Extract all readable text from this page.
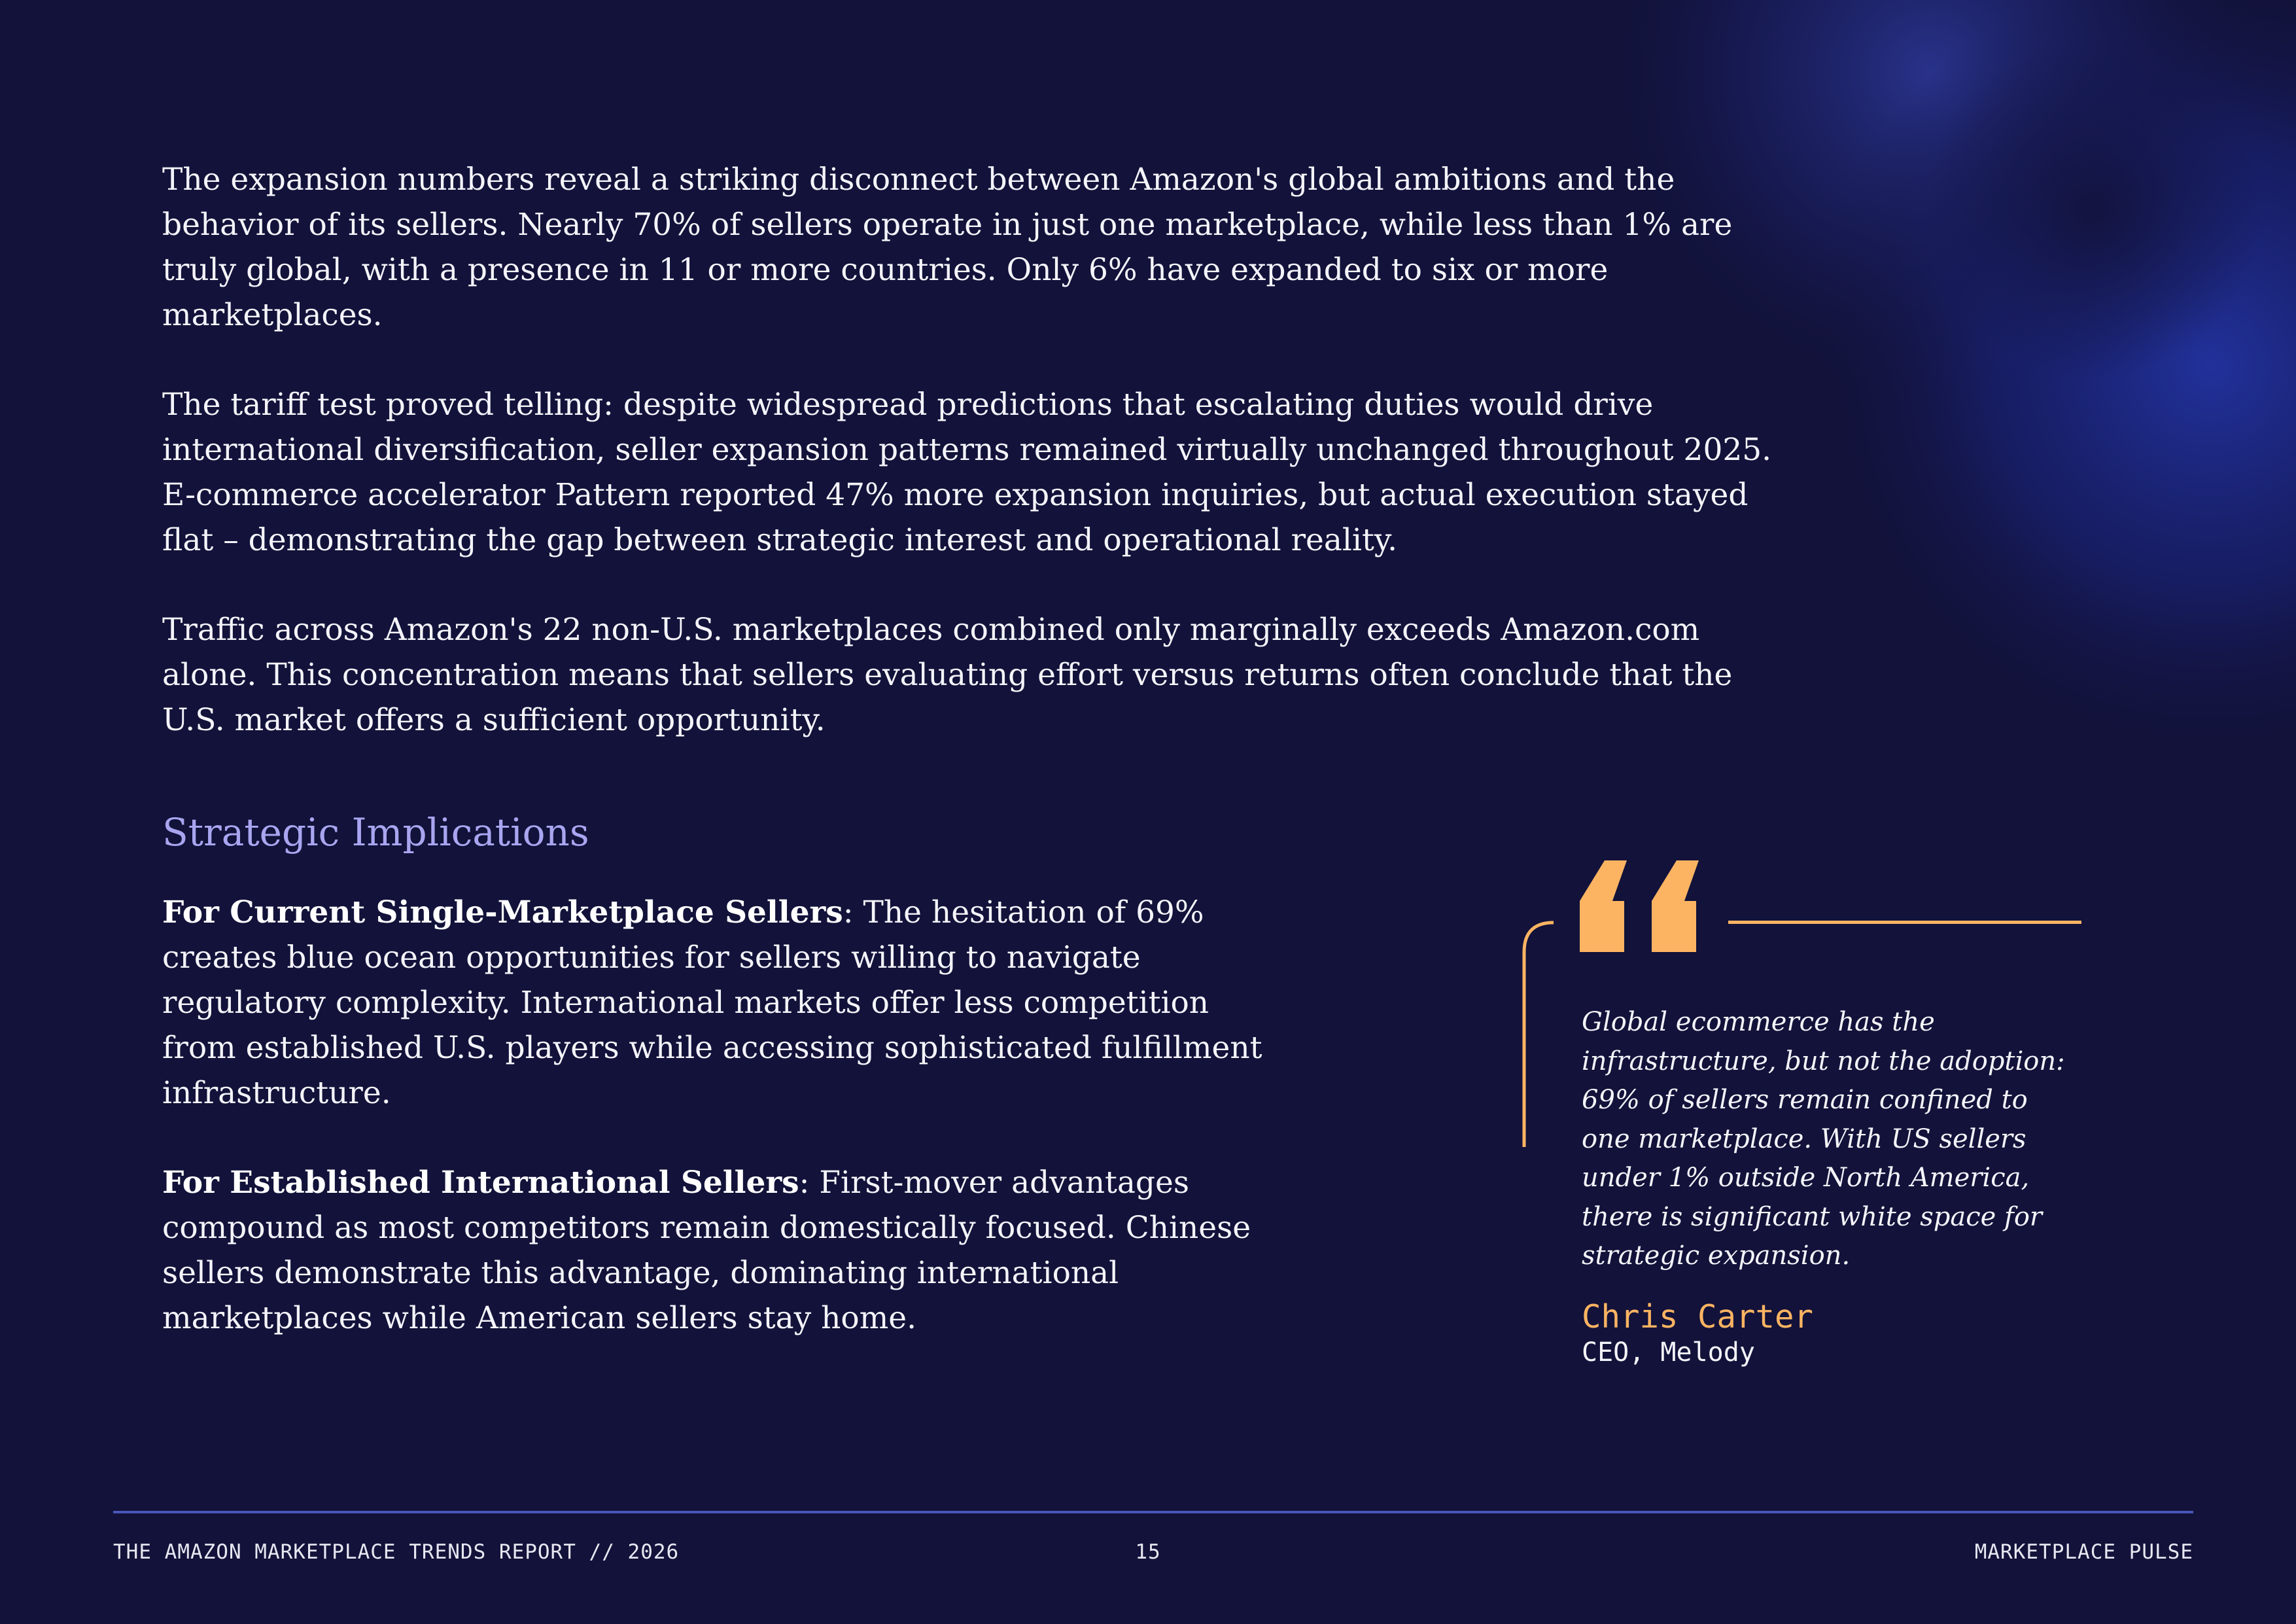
The expansion numbers reveal a striking disconnect between Amazon's global ambitions and the behavior of its sellers. Nearly 70% of sellers operate in just one marketplace, while less than 1% are truly global, with a presence in 11 or more countries. Only 6% have expanded to six or more marketplaces.

The tariff test proved telling: despite widespread predictions that escalating duties would drive international diversification, seller expansion patterns remained virtually unchanged throughout 2025. E-commerce accelerator Pattern reported 47% more expansion inquiries, but actual execution stayed flat – demonstrating the gap between strategic interest and operational reality.

Traffic across Amazon's 22 non-U.S. marketplaces combined only marginally exceeds Amazon.com alone. This concentration means that sellers evaluating effort versus returns often conclude that the U.S. market offers a sufficient opportunity.

Strategic Implications

For Current Single-Marketplace Sellers: The hesitation of 69% creates blue ocean opportunities for sellers willing to navigate regulatory complexity. International markets offer less competition from established U.S. players while accessing sophisticated fulfillment infrastructure.

For Established International Sellers: First-mover advantages compound as most competitors remain domestically focused. Chinese sellers demonstrate this advantage, dominating international marketplaces while American sellers stay home.

Global ecommerce has the infrastructure, but not the adoption: 69% of sellers remain confined to one marketplace. With US sellers under 1% outside North America, there is significant white space for strategic expansion.

Chris Carter
CEO, Melody
THE AMAZON MARKETPLACE TRENDS REPORT // 2026	15	MARKETPLACE PULSE
